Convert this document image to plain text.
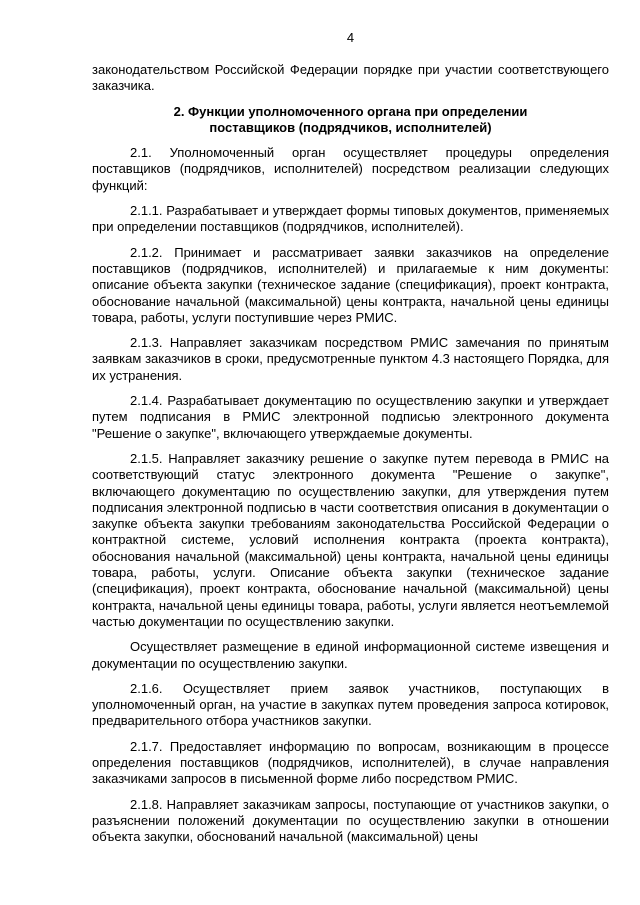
4

законодательством Российской Федерации порядке при участии соответствующего заказчика.

2. Функции уполномоченного органа при определении поставщиков (подрядчиков, исполнителей)

2.1. Уполномоченный орган осуществляет процедуры определения поставщиков (подрядчиков, исполнителей) посредством реализации следующих функций:

2.1.1. Разрабатывает и утверждает формы типовых документов, применяемых при определении поставщиков (подрядчиков, исполнителей).

2.1.2. Принимает и рассматривает заявки заказчиков на определение поставщиков (подрядчиков, исполнителей) и прилагаемые к ним документы: описание объекта закупки (техническое задание (спецификация), проект контракта, обоснование начальной (максимальной) цены контракта, начальной цены единицы товара, работы, услуги поступившие через РМИС.

2.1.3. Направляет заказчикам посредством РМИС замечания по принятым заявкам заказчиков в сроки, предусмотренные пунктом 4.3 настоящего Порядка, для их устранения.

2.1.4. Разрабатывает документацию по осуществлению закупки и утверждает путем подписания в РМИС электронной подписью электронного документа "Решение о закупке", включающего утверждаемые документы.

2.1.5. Направляет заказчику решение о закупке путем перевода в РМИС на соответствующий статус электронного документа "Решение о закупке", включающего документацию по осуществлению закупки, для утверждения путем подписания электронной подписью в части соответствия описания в документации о закупке объекта закупки требованиям законодательства Российской Федерации о контрактной системе, условий исполнения контракта (проекта контракта), обоснования начальной (максимальной) цены контракта, начальной цены единицы товара, работы, услуги. Описание объекта закупки (техническое задание (спецификация), проект контракта, обоснование начальной (максимальной) цены контракта, начальной цены единицы товара, работы, услуги является неотъемлемой частью документации по осуществлению закупки.

Осуществляет размещение в единой информационной системе извещения и документации по осуществлению закупки.

2.1.6. Осуществляет прием заявок участников, поступающих в уполномоченный орган, на участие в закупках путем проведения запроса котировок, предварительного отбора участников закупки.

2.1.7. Предоставляет информацию по вопросам, возникающим в процессе определения поставщиков (подрядчиков, исполнителей), в случае направления заказчиками запросов в письменной форме либо посредством РМИС.

2.1.8. Направляет заказчикам запросы, поступающие от участников закупки, о разъяснении положений документации по осуществлению закупки в отношении объекта закупки, обоснований начальной (максимальной) цены
